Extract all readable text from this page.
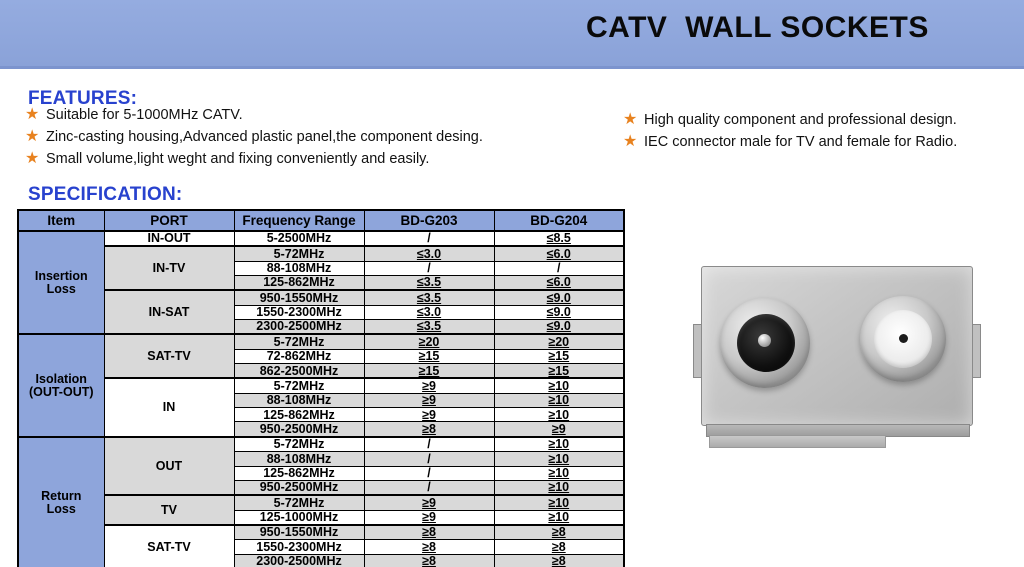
CATV  WALL SOCKETS
FEATURES:
★ Suitable for 5-1000MHz CATV.
★ Zinc-casting housing,Advanced plastic panel,the component desing.
★ Small volume,light weght and fixing conveniently and easily.
★ High quality component and professional design.
★ IEC connector male for TV and female for Radio.
SPECIFICATION:
Item	PORT	Frequency Range	BD-G203	BD-G204
Insertion
Loss	IN-OUT	5-2500MHz	/	≤8.5
	IN-TV	5-72MHz	≤3.0	≤6.0
		88-108MHz	/	/
		125-862MHz	≤3.5	≤6.0
	IN-SAT	950-1550MHz	≤3.5	≤9.0
		1550-2300MHz	≤3.0	≤9.0
		2300-2500MHz	≤3.5	≤9.0
Isolation
(OUT-OUT)	SAT-TV	5-72MHz	≥20	≥20
		72-862MHz	≥15	≥15
		862-2500MHz	≥15	≥15
	IN	5-72MHz	≥9	≥10
		88-108MHz	≥9	≥10
		125-862MHz	≥9	≥10
		950-2500MHz	≥8	≥9
Return
Loss	OUT	5-72MHz	/	≥10
		88-108MHz	/	≥10
		125-862MHz	/	≥10
		950-2500MHz	/	≥10
	TV	5-72MHz	≥9	≥10
		125-1000MHz	≥9	≥10
	SAT-TV	950-1550MHz	≥8	≥8
		1550-2300MHz	≥8	≥8
		2300-2500MHz	≥8	≥8
